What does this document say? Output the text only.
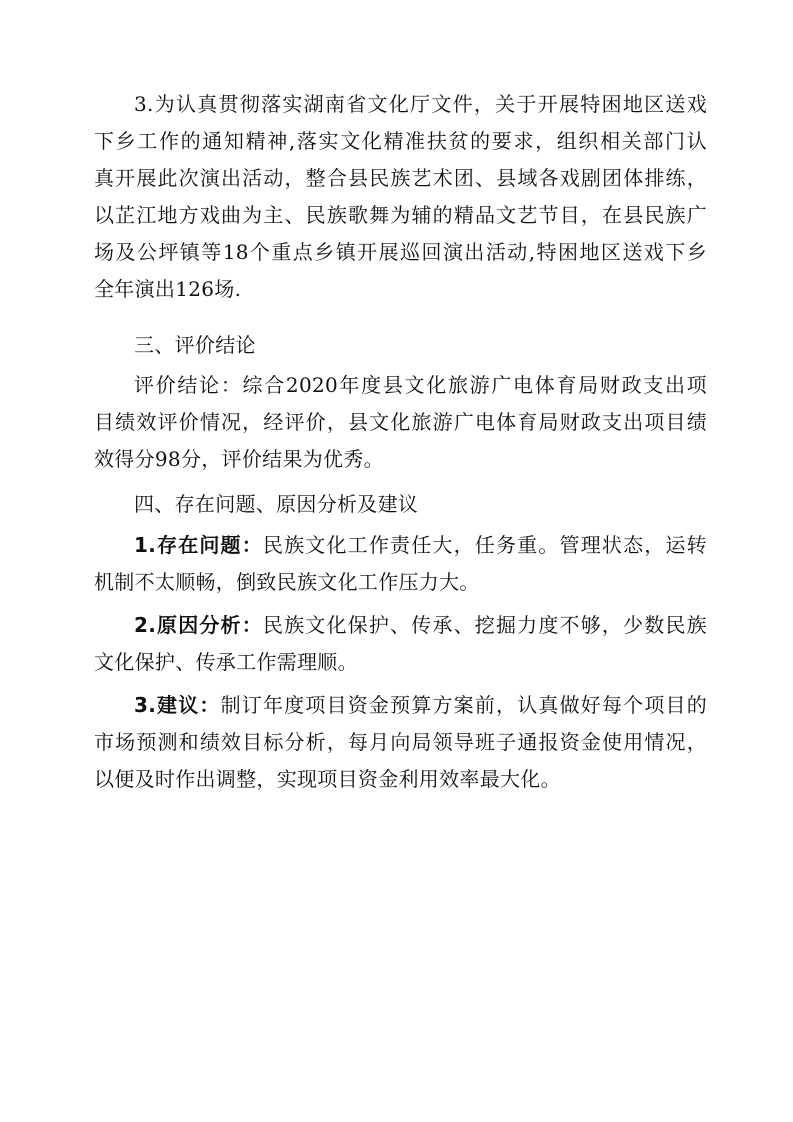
3.为认真贯彻落实湖南省文化厅文件，关于开展特困地区送戏
下乡工作的通知精神,落实文化精准扶贫的要求，组织相关部门认
真开展此次演出活动，整合县民族艺术团、县域各戏剧团体排练，
以芷江地方戏曲为主、民族歌舞为辅的精品文艺节目，在县民族广
场及公坪镇等18个重点乡镇开展巡回演出活动,特困地区送戏下乡
全年演出126场.
三、评价结论
评价结论：综合2020年度县文化旅游广电体育局财政支出项
目绩效评价情况，经评价，县文化旅游广电体育局财政支出项目绩
效得分98分，评价结果为优秀。
四、存在问题、原因分析及建议
1.存在问题：民族文化工作责任大，任务重。管理状态，运转
机制不太顺畅，倒致民族文化工作压力大。
2.原因分析：民族文化保护、传承、挖掘力度不够，少数民族
文化保护、传承工作需理顺。
3.建议：制订年度项目资金预算方案前，认真做好每个项目的
市场预测和绩效目标分析，每月向局领导班子通报资金使用情况，
以便及时作出调整，实现项目资金利用效率最大化。
